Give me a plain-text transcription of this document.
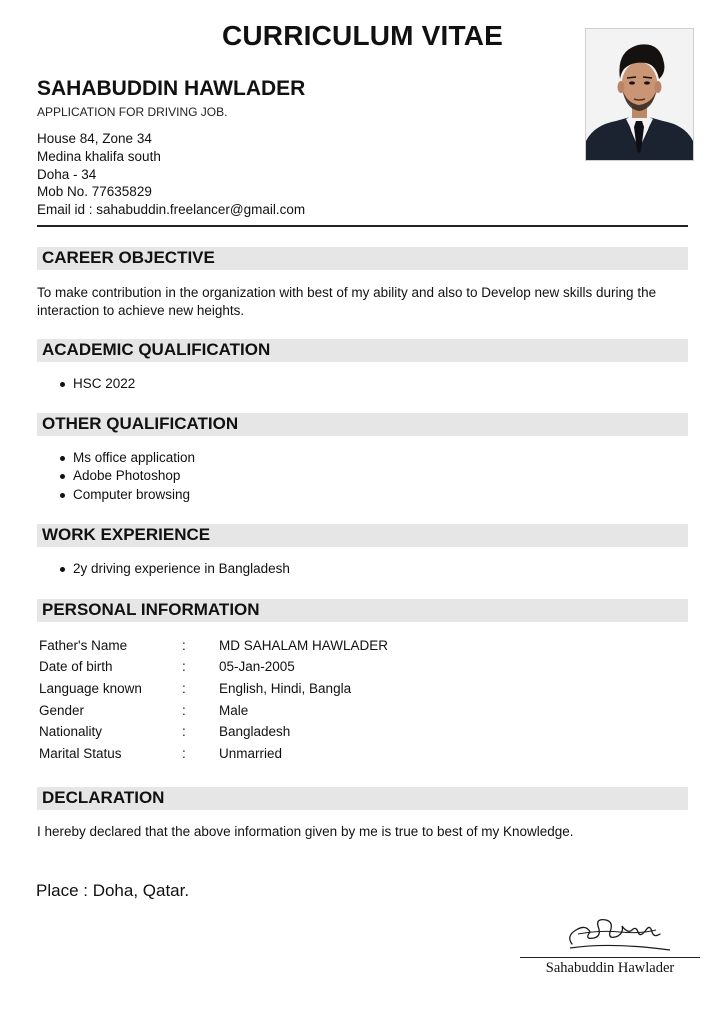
CURRICULUM VITAE
SAHABUDDIN HAWLADER
APPLICATION FOR DRIVING JOB.
House 84, Zone 34
Medina khalifa south
Doha - 34
Mob No. 77635829
Email id : sahabuddin.freelancer@gmail.com
CAREER OBJECTIVE
To make contribution in the organization with best of my ability and also to Develop new skills during the interaction to achieve new heights.
ACADEMIC QUALIFICATION
HSC 2022
OTHER QUALIFICATION
Ms office application
Adobe Photoshop
Computer browsing
WORK EXPERIENCE
2y driving experience in Bangladesh
PERSONAL INFORMATION
Father's Name	: MD SAHALAM HAWLADER
Date of birth	: 05-Jan-2005
Language known	: English, Hindi, Bangla
Gender	: Male
Nationality	: Bangladesh
Marital Status	: Unmarried
DECLARATION
I hereby declared that the above information given by me is true to best of my Knowledge.
Place : Doha, Qatar.
Sahabuddin Hawlader
